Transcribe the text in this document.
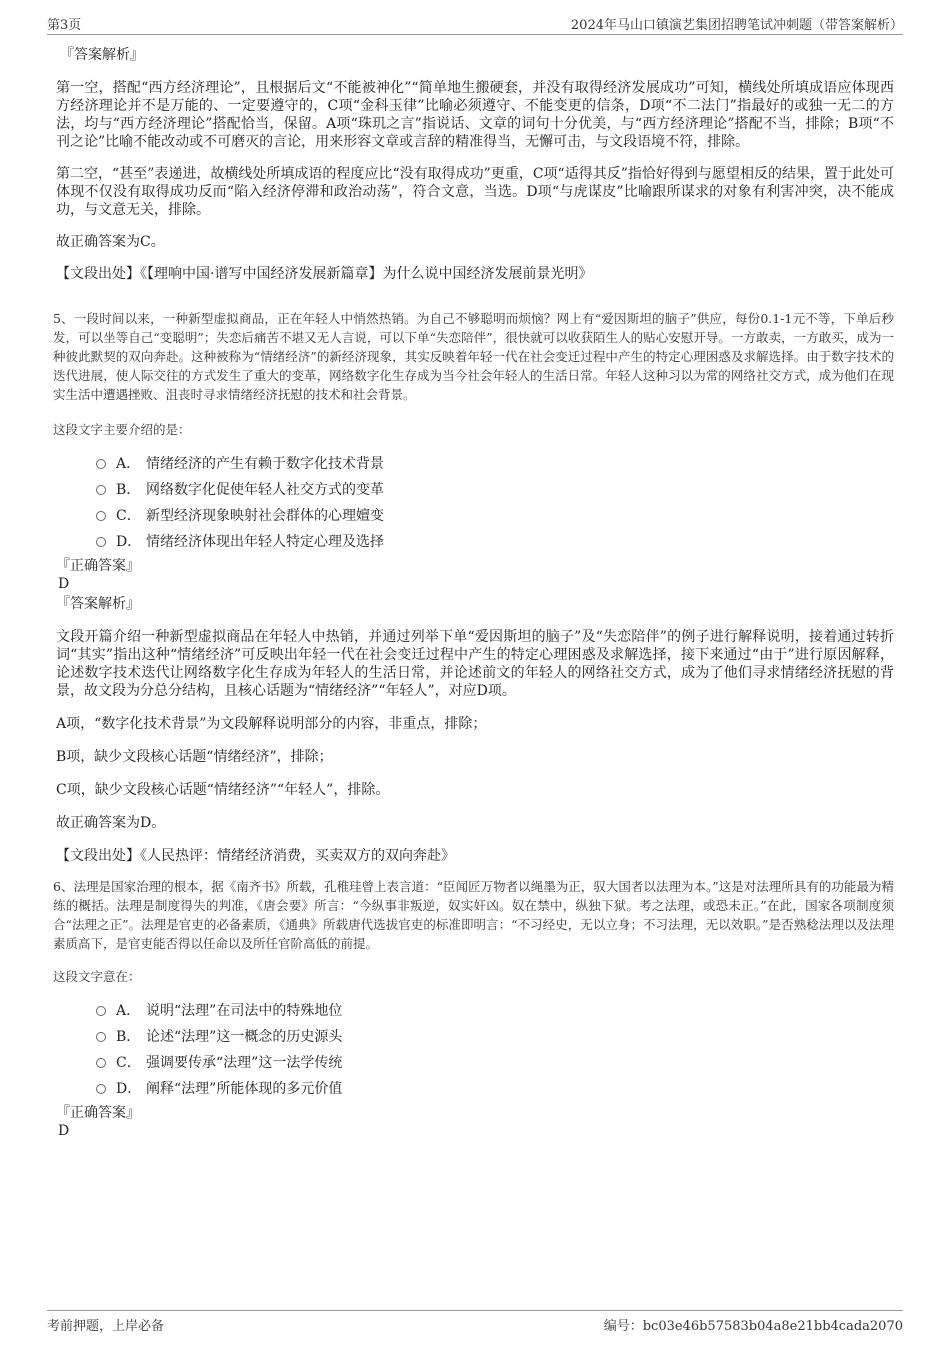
第3页	2024年马山口镇演艺集团招聘笔试冲刺题（带答案解析）
『答案解析』

第一空，搭配“西方经济理论”，且根据后文“不能被神化”“简单地生搬硬套，并没有取得经济发展成功”可知，横线处所填成语应体现西方经济理论并不是万能的、一定要遵守的，C项“金科玉律”比喻必须遵守、不能变更的信条，D项“不二法门”指最好的或独一无二的方法，均与“西方经济理论”搭配恰当，保留。A项“珠玑之言”指说话、文章的词句十分优美，与“西方经济理论”搭配不当，排除；B项“不刊之论”比喻不能改动或不可磨灭的言论，用来形容文章或言辞的精准得当，无懈可击，与文段语境不符，排除。

第二空，“甚至”表递进，故横线处所填成语的程度应比“没有取得成功”更重，C项“适得其反”指恰好得到与愿望相反的结果，置于此处可体现不仅没有取得成功反而“陷入经济停滞和政治动荡”，符合文意，当选。D项“与虎谋皮”比喻跟所谋求的对象有利害冲突，决不能成功，与文意无关，排除。

故正确答案为C。

【文段出处】《【理响中国·谱写中国经济发展新篇章】为什么说中国经济发展前景光明》

5、一段时间以来，一种新型虚拟商品，正在年轻人中悄然热销。为自己不够聪明而烦恼？网上有“爱因斯坦的脑子”供应，每份0.1-1元不等，下单后秒发，可以坐等自己“变聪明”；失恋后痛苦不堪又无人言说，可以下单“失恋陪伴”，很快就可以收获陌生人的贴心安慰开导。一方敢卖，一方敢买，成为一种彼此默契的双向奔赴。这种被称为“情绪经济”的新经济现象，其实反映着年轻一代在社会变迁过程中产生的特定心理困惑及求解选择。由于数字技术的迭代进展，使人际交往的方式发生了重大的变革，网络数字化生存成为当今社会年轻人的生活日常。年轻人这种习以为常的网络社交方式，成为他们在现实生活中遭遇挫败、沮丧时寻求情绪经济抚慰的技术和社会背景。

这段文字主要介绍的是：

A． 情绪经济的产生有赖于数字化技术背景
B． 网络数字化促使年轻人社交方式的变革
C． 新型经济现象映射社会群体的心理嬗变
D． 情绪经济体现出年轻人特定心理及选择
『正确答案』
D
『答案解析』

文段开篇介绍一种新型虚拟商品在年轻人中热销，并通过列举下单“爱因斯坦的脑子”及“失恋陪伴”的例子进行解释说明，接着通过转折词“其实”指出这种“情绪经济”可反映出年轻一代在社会变迁过程中产生的特定心理困惑及求解选择，接下来通过“由于”进行原因解释，论述数字技术迭代让网络数字化生存成为年轻人的生活日常，并论述前文的年轻人的网络社交方式，成为了他们寻求情绪经济抚慰的背景，故文段为分总分结构，且核心话题为“情绪经济”“年轻人”，对应D项。

A项，“数字化技术背景”为文段解释说明部分的内容，非重点，排除；

B项，缺少文段核心话题“情绪经济”，排除；

C项，缺少文段核心话题“情绪经济”“年轻人”，排除。

故正确答案为D。

【文段出处】《人民热评：情绪经济消费，买卖双方的双向奔赴》

6、法理是国家治理的根本，据《南齐书》所载，孔稚珪曾上表言道：“臣闻匠万物者以绳墨为正，驭大国者以法理为本。”这是对法理所具有的功能最为精练的概括。法理是制度得失的判准，《唐会要》所言：“今纵事非叛逆，奴实奸凶。奴在禁中，纵独下狱。考之法理，或恐未正。”在此，国家各项制度须合“法理之正”。法理是官吏的必备素质，《通典》所载唐代选拔官吏的标准即明言：“不习经史，无以立身；不习法理，无以效职。”是否熟稔法理以及法理素质高下，是官吏能否得以任命以及所任官阶高低的前提。

这段文字意在：

A． 说明“法理”在司法中的特殊地位
B． 论述“法理”这一概念的历史源头
C． 强调要传承“法理”这一法学传统
D． 阐释“法理”所能体现的多元价值
『正确答案』
D
考前押题，上岸必备	编号：bc03e46b57583b04a8e21bb4cada2070
